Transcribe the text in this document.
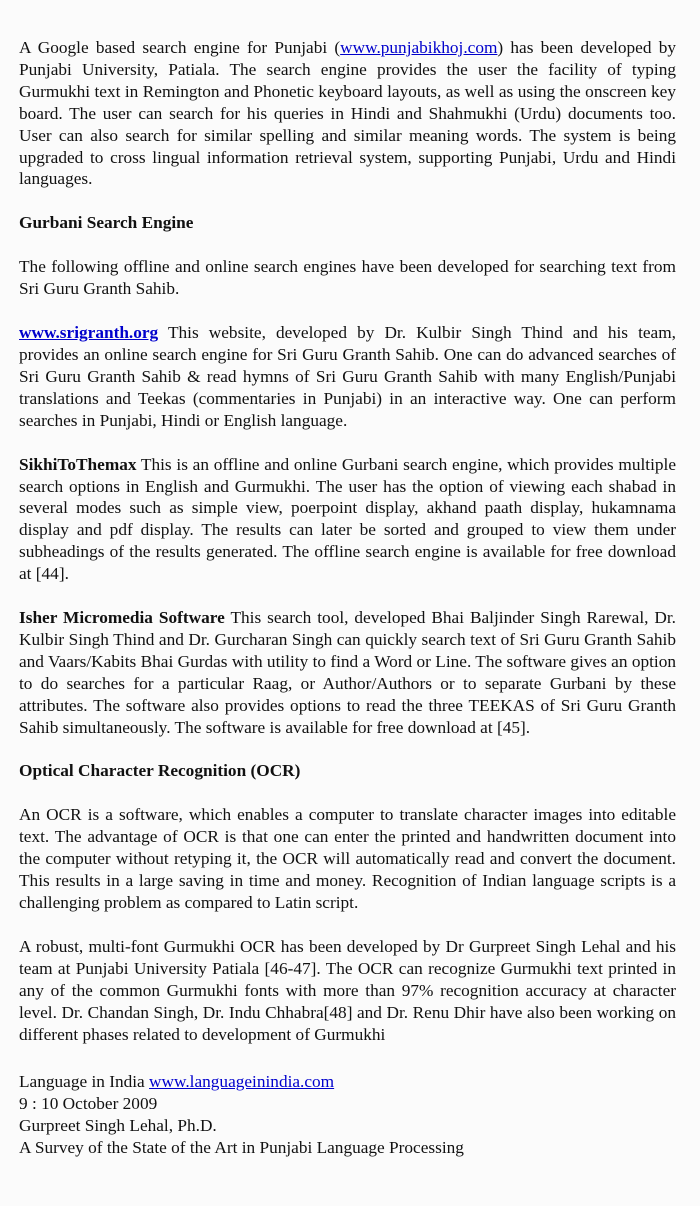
A Google based search engine for Punjabi (www.punjabikhoj.com) has been developed by Punjabi University, Patiala. The search engine provides the user the facility of typing Gurmukhi text in Remington and Phonetic keyboard layouts, as well as using the onscreen key board. The user can search for his queries in Hindi and Shahmukhi (Urdu) documents too. User can also search for similar spelling and similar meaning words. The system is being upgraded to cross lingual information retrieval system, supporting Punjabi, Urdu and Hindi languages.

Gurbani Search Engine

The following offline and online search engines have been developed for searching text from Sri Guru Granth Sahib.

www.srigranth.org This website, developed by Dr. Kulbir Singh Thind and his team, provides an online search engine for Sri Guru Granth Sahib. One can do advanced searches of Sri Guru Granth Sahib & read hymns of Sri Guru Granth Sahib with many English/Punjabi translations and Teekas (commentaries in Punjabi) in an interactive way. One can perform searches in Punjabi, Hindi or English language.

SikhiToThemax This is an offline and online Gurbani search engine, which provides multiple search options in English and Gurmukhi. The user has the option of viewing each shabad in several modes such as simple view, poerpoint display, akhand paath display, hukamnama display and pdf display. The results can later be sorted and grouped to view them under subheadings of the results generated. The offline search engine is available for free download at [44].

Isher Micromedia Software This search tool, developed Bhai Baljinder Singh Rarewal, Dr. Kulbir Singh Thind and Dr. Gurcharan Singh can quickly search text of Sri Guru Granth Sahib and Vaars/Kabits Bhai Gurdas with utility to find a Word or Line. The software gives an option to do searches for a particular Raag, or Author/Authors or to separate Gurbani by these attributes. The software also provides options to read the three TEEKAS of Sri Guru Granth Sahib simultaneously. The software is available for free download at [45].

Optical Character Recognition (OCR)

An OCR is a software, which enables a computer to translate character images into editable text. The advantage of OCR is that one can enter the printed and handwritten document into the computer without retyping it, the OCR will automatically read and convert the document. This results in a large saving in time and money. Recognition of Indian language scripts is a challenging problem as compared to Latin script.

A robust, multi-font Gurmukhi OCR has been developed by Dr Gurpreet Singh Lehal and his team at Punjabi University Patiala [46-47]. The OCR can recognize Gurmukhi text printed in any of the common Gurmukhi fonts with more than 97% recognition accuracy at character level. Dr. Chandan Singh, Dr. Indu Chhabra[48] and Dr. Renu Dhir have also been working on different phases related to development of Gurmukhi

Language in India www.languageinindia.com
9 : 10 October 2009
Gurpreet Singh Lehal, Ph.D.
A Survey of the State of the Art in Punjabi Language Processing
